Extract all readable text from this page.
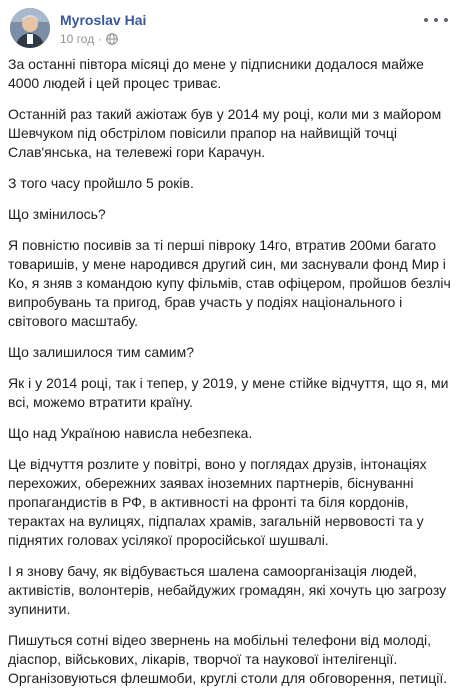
Myroslav Hai
10 год ·

За останні півтора місяці до мене у підписники додалося майже 4000 людей і цей процес триває.

Останній раз такий ажіотаж був у 2014 му році, коли ми з майором Шевчуком під обстрілом повісили прапор на найвищій точці Слав'янська, на телевежі гори Карачун.

З того часу пройшло 5 років.

Що змінилось?

Я повністю посивів за ті перші півроку 14го, втратив 200ми багато товаришів, у мене народився другий син, ми заснували фонд Мир і Ко, я зняв з командою купу фільмів, став офіцером, пройшов безліч випробувань та пригод, брав участь у подіях національного і світового масштабу.

Що залишилося тим самим?

Як і у 2014 році, так і тепер, у 2019, у мене стійке відчуття, що я, ми всі, можемо втратити країну.

Що над Україною нависла небезпека.

Це відчуття розлите у повітрі, воно у поглядах друзів, інтонаціях перехожих, обережних заявах іноземних партнерів, біснуванні пропагандистів в РФ, в активності на фронті та біля кордонів, терактах на вулицях, підпалах храмів, загальній нервовості та у піднятих головах усілякої проросійської шушвалі.

І я знову бачу, як відбувається шалена самоорганізація людей, активістів, волонтерів, небайдужих громадян, які хочуть цю загрозу зупинити.

Пишуться сотні відео звернень на мобільні телефони від молоді, діаспор, військових, лікарів, творчої та наукової інтелігенції. Організовуються флешмоби, круглі столи для обговорення, петиції.
